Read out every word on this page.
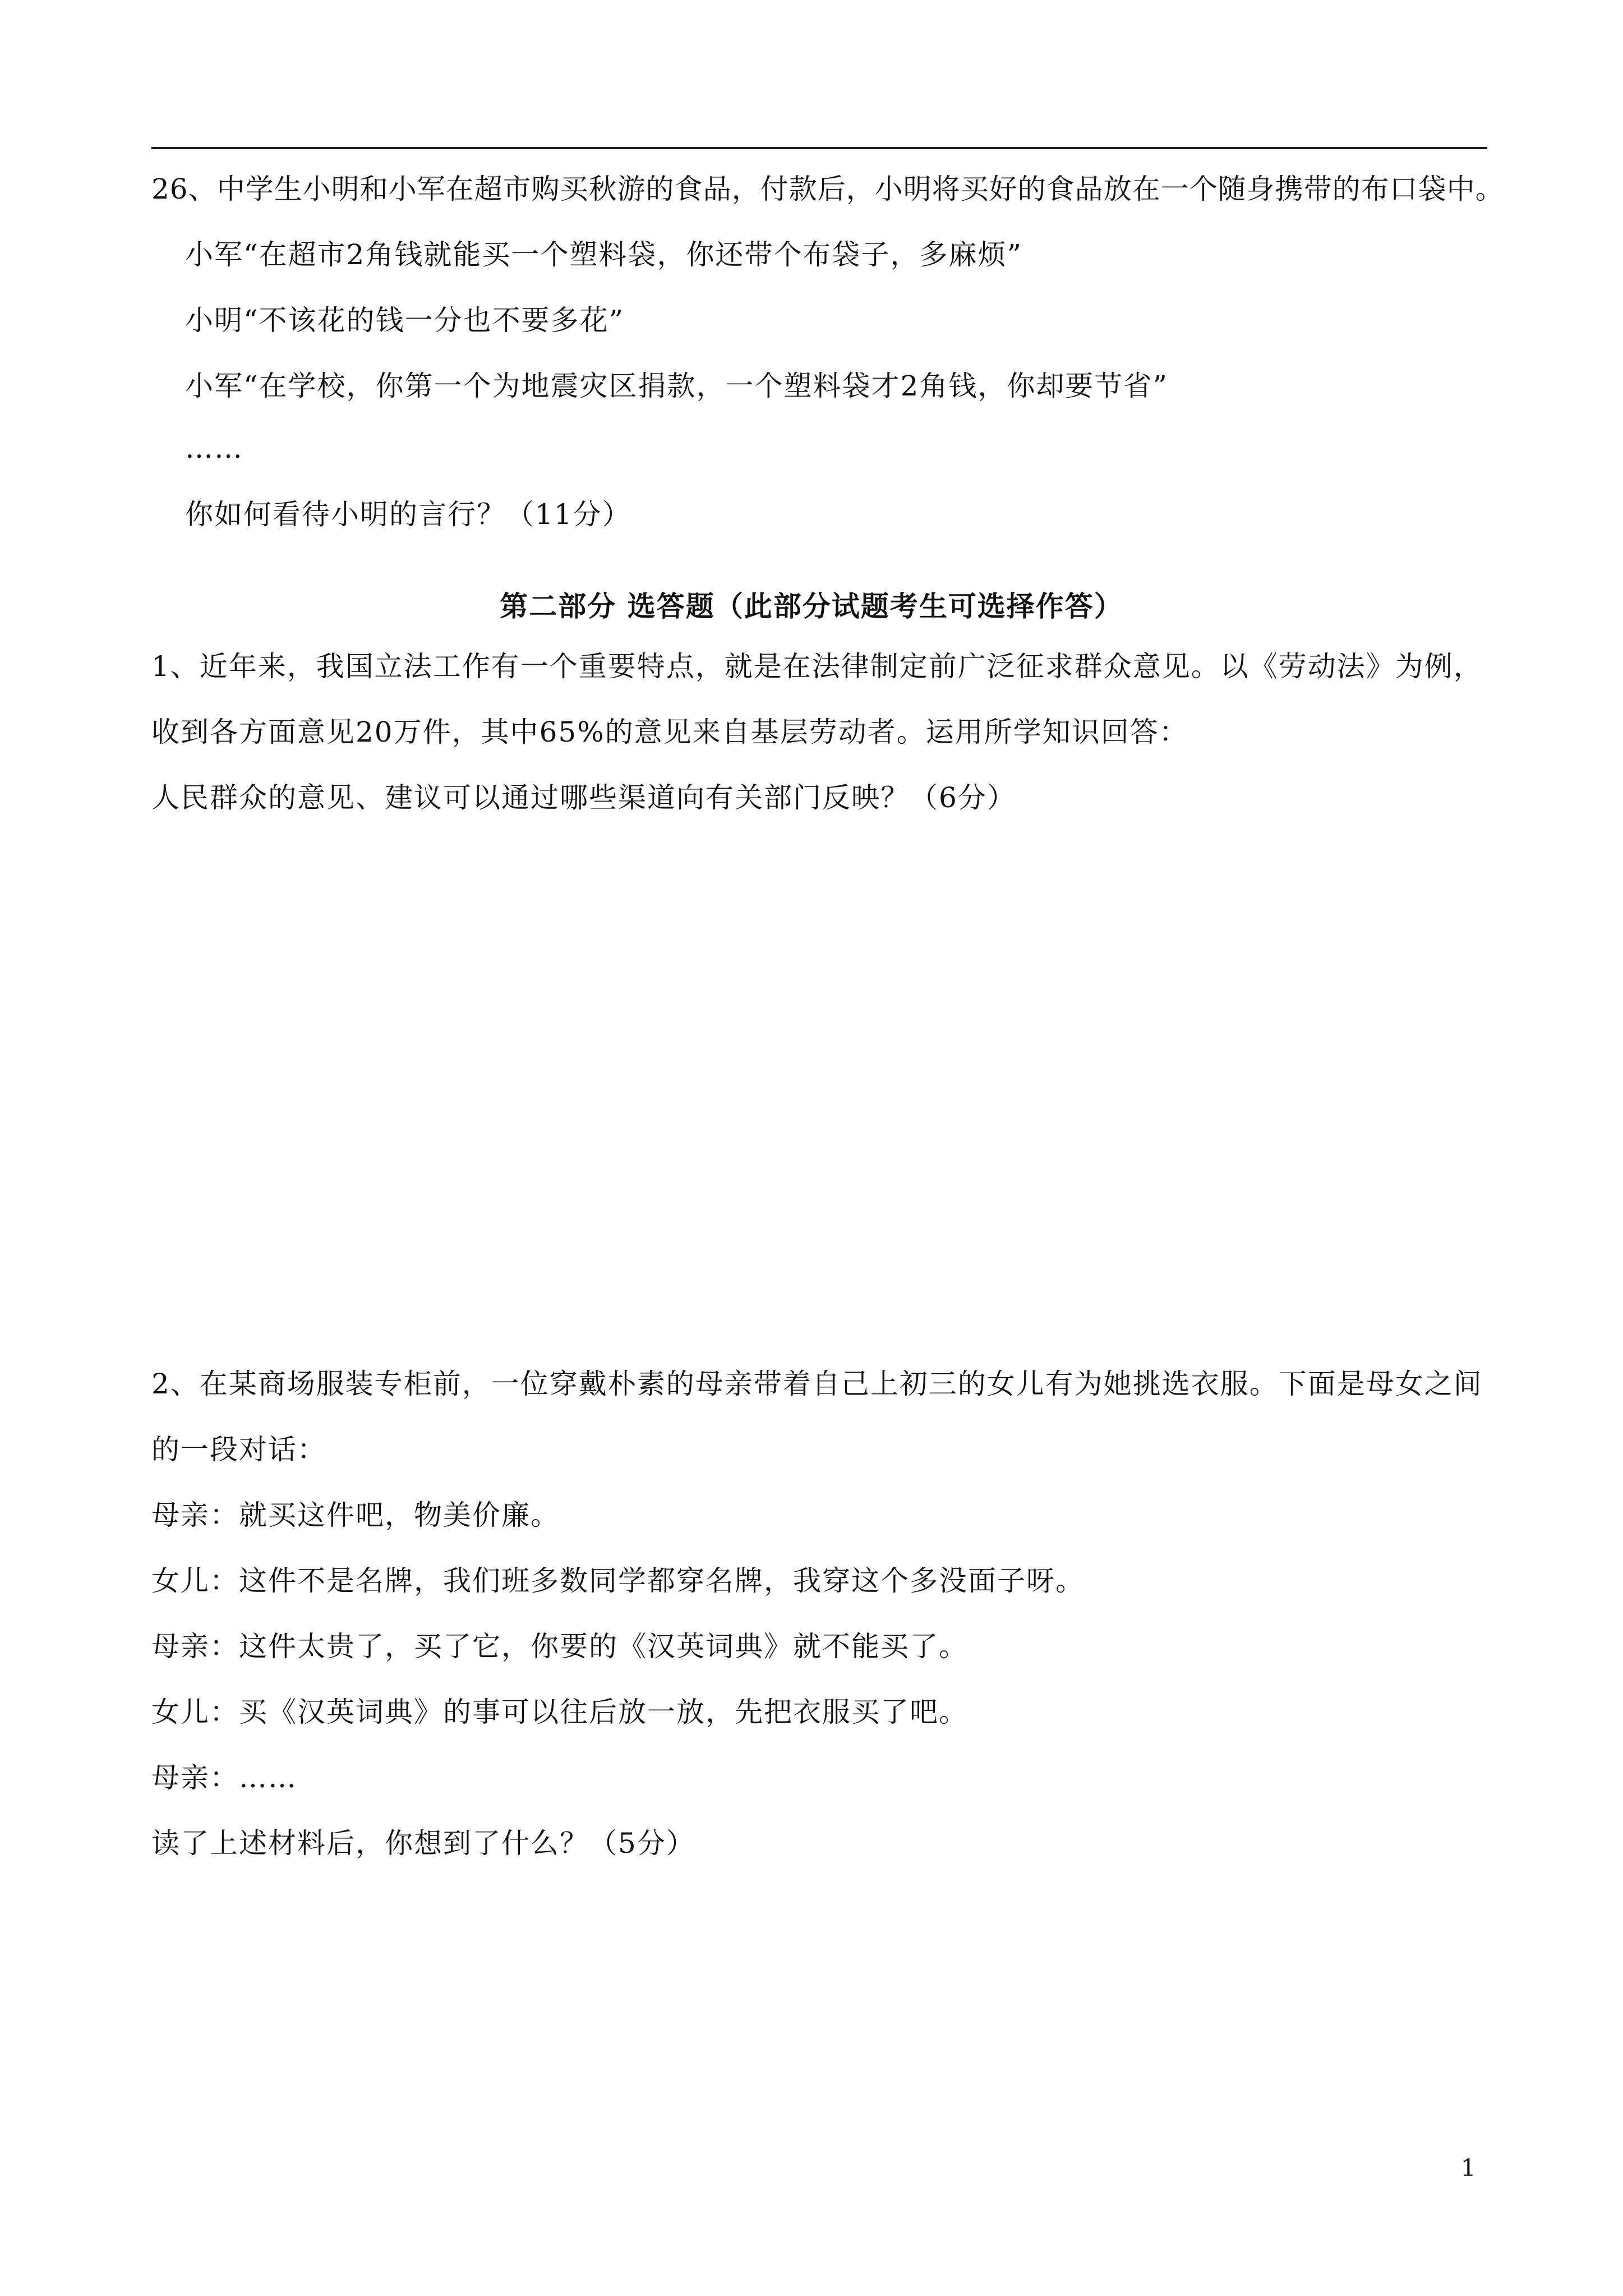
26、中学生小明和小军在超市购买秋游的食品，付款后，小明将买好的食品放在一个随身携带的布口袋中。
小军“在超市2角钱就能买一个塑料袋，你还带个布袋子，多麻烦”
小明“不该花的钱一分也不要多花”
小军“在学校，你第一个为地震灾区捐款，一个塑料袋才2角钱，你却要节省”
……
你如何看待小明的言行？（11分）
第二部分 选答题（此部分试题考生可选择作答）
1、近年来，我国立法工作有一个重要特点，就是在法律制定前广泛征求群众意见。以《劳动法》为例，
收到各方面意见20万件，其中65%的意见来自基层劳动者。运用所学知识回答：
人民群众的意见、建议可以通过哪些渠道向有关部门反映？（6分）
2、在某商场服装专柜前，一位穿戴朴素的母亲带着自己上初三的女儿有为她挑选衣服。下面是母女之间
的一段对话：
母亲：就买这件吧，物美价廉。
女儿：这件不是名牌，我们班多数同学都穿名牌，我穿这个多没面子呀。
母亲：这件太贵了，买了它，你要的《汉英词典》就不能买了。
女儿：买《汉英词典》的事可以往后放一放，先把衣服买了吧。
母亲：……
读了上述材料后，你想到了什么？（5分）
1
